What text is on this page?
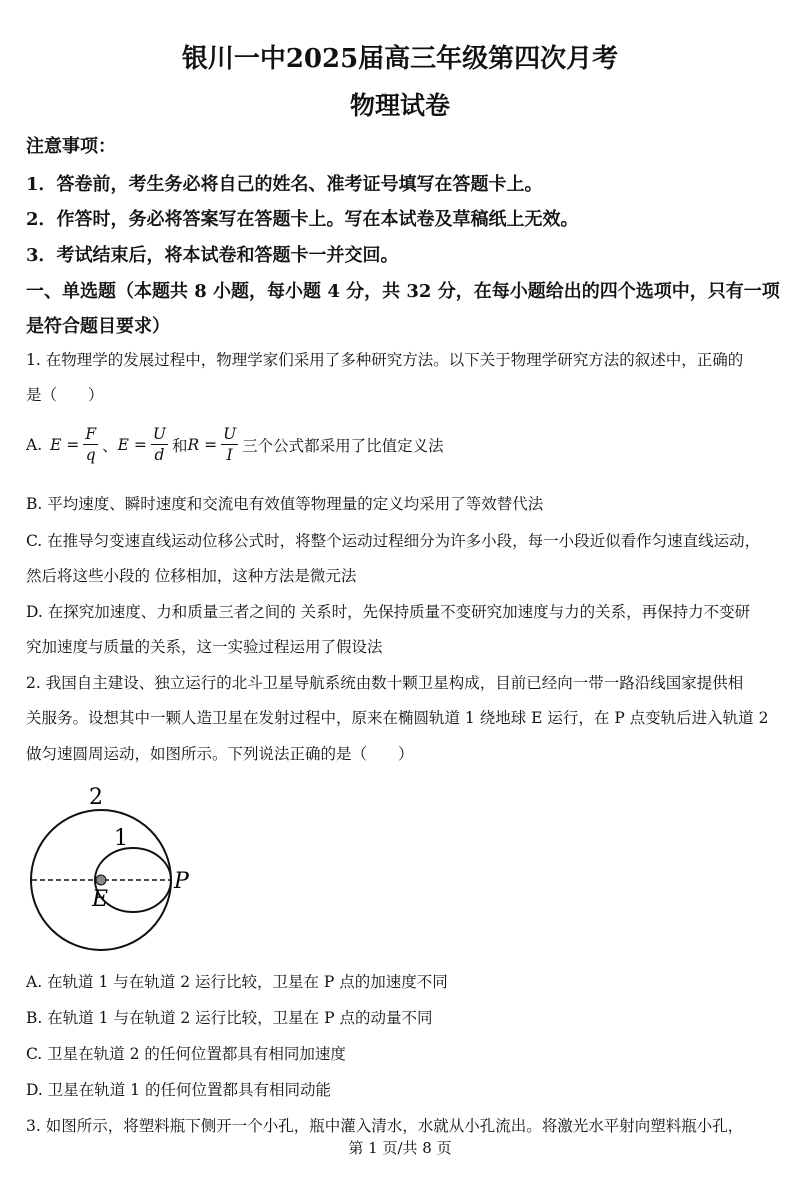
银川一中2025届高三年级第四次月考
物理试卷
注意事项：
1．答卷前，考生务必将自己的姓名、准考证号填写在答题卡上。
2．作答时，务必将答案写在答题卡上。写在本试卷及草稿纸上无效。
3．考试结束后，将本试卷和答题卡一并交回。
一、单选题（本题共 8 小题，每小题 4 分，共 32 分，在每小题给出的四个选项中，只有一项
是符合题目要求）
1. 在物理学的发展过程中，物理学家们采用了多种研究方法。以下关于物理学研究方法的叙述中，正确的
是（　　）
A. $E = \frac{F}{q}$ 、 $E = \frac{U}{d}$ 和 $R = \frac{U}{I}$ 三个公式都采用了比值定义法
B. 平均速度、瞬时速度和交流电有效值等物理量的定义均采用了等效替代法
C. 在推导匀变速直线运动位移公式时，将整个运动过程细分为许多小段，每一小段近似看作匀速直线运动，
然后将这些小段的 位移相加，这种方法是微元法
D. 在探究加速度、力和质量三者之间的 关系时，先保持质量不变研究加速度与力的关系，再保持力不变研
究加速度与质量的关系，这一实验过程运用了假设法
2. 我国自主建设、独立运行的北斗卫星导航系统由数十颗卫星构成，目前已经向一带一路沿线国家提供相
关服务。设想其中一颗人造卫星在发射过程中，原来在椭圆轨道 1 绕地球 E 运行，在 P 点变轨后进入轨道 2
做匀速圆周运动，如图所示。下列说法正确的是（　　）
2
1
E
P
A. 在轨道 1 与在轨道 2 运行比较，卫星在 P 点的加速度不同
B. 在轨道 1 与在轨道 2 运行比较，卫星在 P 点的动量不同
C. 卫星在轨道 2 的任何位置都具有相同加速度
D. 卫星在轨道 1 的任何位置都具有相同动能
3. 如图所示，将塑料瓶下侧开一个小孔，瓶中灌入清水，水就从小孔流出。将激光水平射向塑料瓶小孔，
第 1 页/共 8 页
